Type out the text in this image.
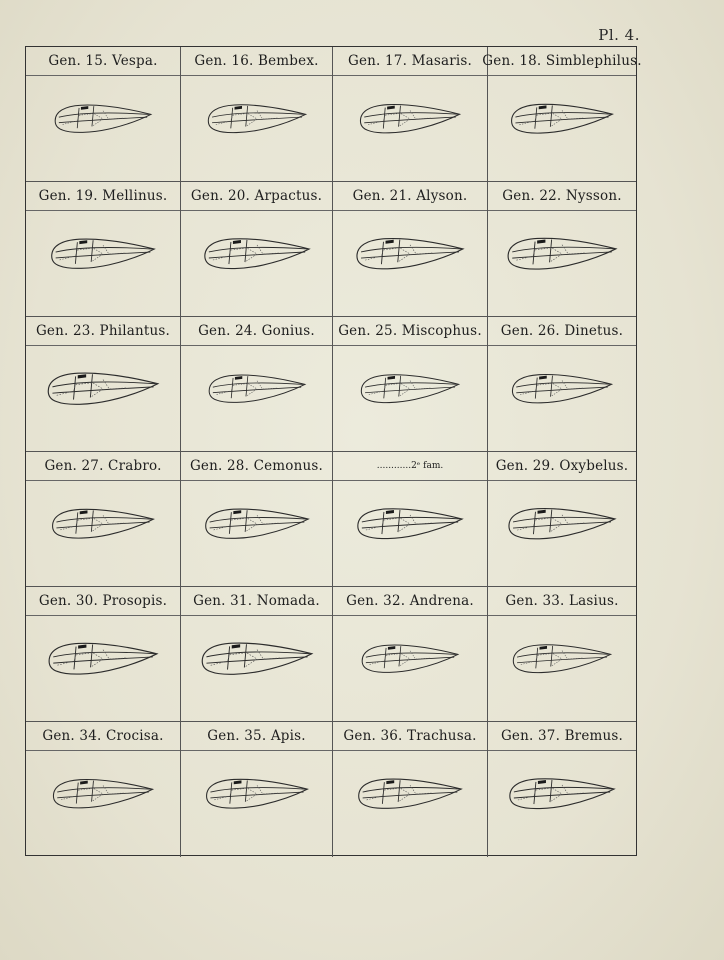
Pl. 4.
Gen. 15. Vespa.	Gen. 16. Bembex.	Gen. 17. Masaris. Gen. 18. Simblephilus.
Gen. 19. Mellinus.	Gen. 20. Arpactus.	Gen. 21. Alyson.	Gen. 22. Nysson.
Gen. 23. Philantus.	Gen. 24. Gonius.	Gen. 25. Miscophus.	Gen. 26. Dinetus.
Gen. 27. Crabro.	Gen. 28. Cemonus.	............2ᵉ fam.	Gen. 29. Oxybelus.
Gen. 30. Prosopis.	Gen. 31. Nomada.	Gen. 32. Andrena.	Gen. 33. Lasius.
Gen. 34. Crocisa.	Gen. 35. Apis.	Gen. 36. Trachusa.	Gen. 37. Bremus.
